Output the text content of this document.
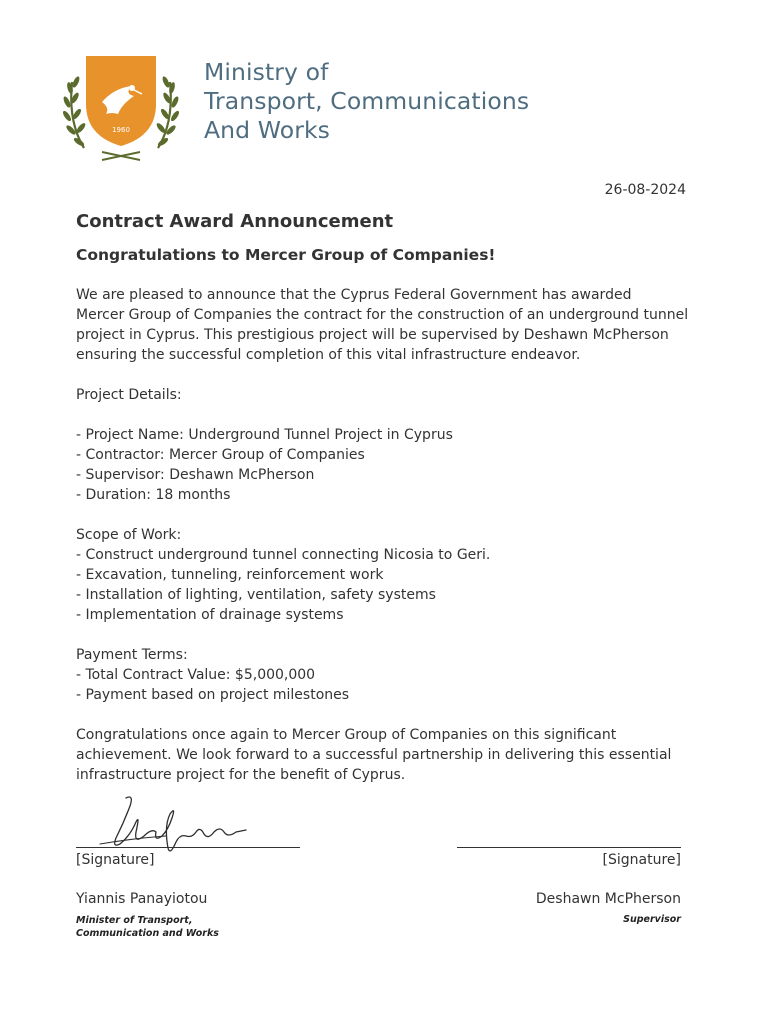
1960
Ministry of
Transport, Communications
And Works
26-08-2024
Contract Award Announcement
Congratulations to Mercer Group of Companies!
We are pleased to announce that the Cyprus Federal Government has awarded
Mercer Group of Companies the contract for the construction of an underground tunnel
project in Cyprus. This prestigious project will be supervised by Deshawn McPherson
ensuring the successful completion of this vital infrastructure endeavor.
Project Details:
- Project Name: Underground Tunnel Project in Cyprus
- Contractor: Mercer Group of Companies
- Supervisor: Deshawn McPherson
- Duration: 18 months
Scope of Work:
- Construct underground tunnel connecting Nicosia to Geri.
- Excavation, tunneling, reinforcement work
- Installation of lighting, ventilation, safety systems
- Implementation of drainage systems
Payment Terms:
- Total Contract Value: $5,000,000
- Payment based on project milestones
Congratulations once again to Mercer Group of Companies on this significant
achievement. We look forward to a successful partnership in delivering this essential
infrastructure project for the benefit of Cyprus.
[Signature]	[Signature]
Yiannis Panayiotou
Minister of Transport,
Communication and Works
Deshawn McPherson
Supervisor
